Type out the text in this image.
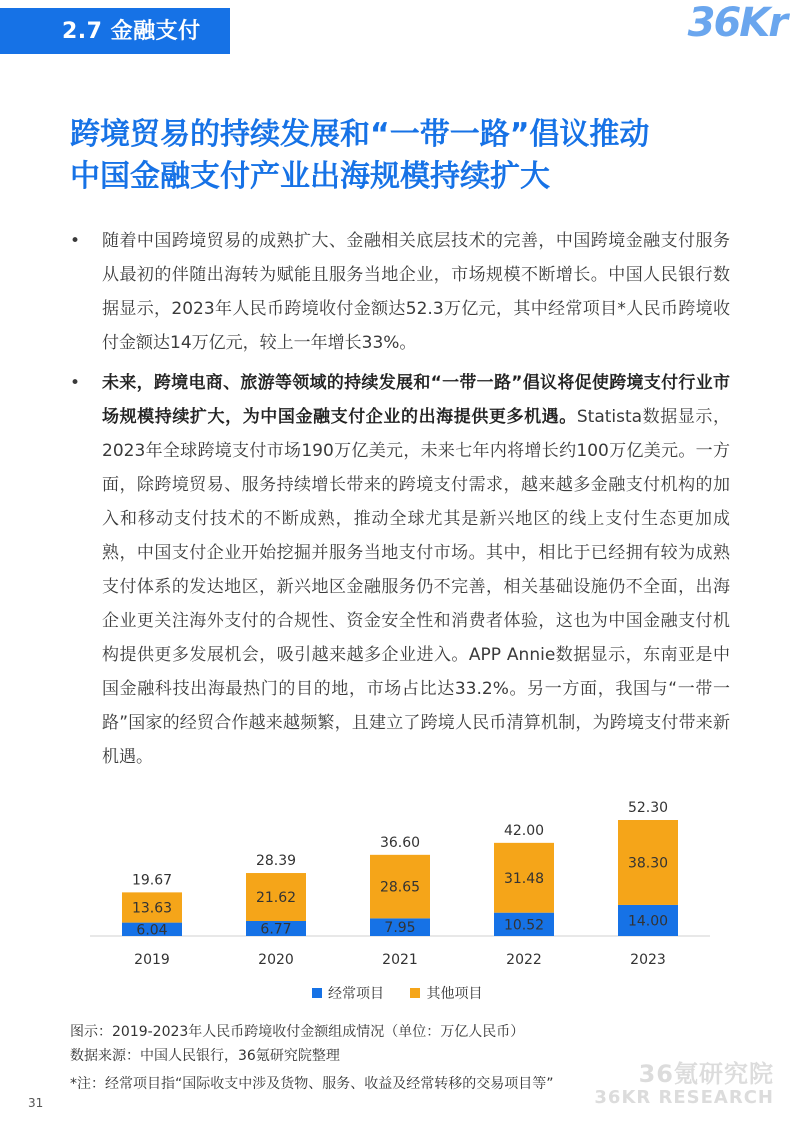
2.7 金融支付	36Kr
跨境贸易的持续发展和“一带一路”倡议推动
中国金融支付产业出海规模持续扩大
• 随着中国跨境贸易的成熟扩大、金融相关底层技术的完善，中国跨境金融支付服务从最初的伴随出海转为赋能且服务当地企业，市场规模不断增长。中国人民银行数据显示，2023年人民币跨境收付金额达52.3万亿元，其中经常项目*人民币跨境收付金额达14万亿元，较上一年增长33%。
• 未来，跨境电商、旅游等领域的持续发展和“一带一路”倡议将促使跨境支付行业市场规模持续扩大，为中国金融支付企业的出海提供更多机遇。Statista数据显示，2023年全球跨境支付市场190万亿美元，未来七年内将增长约100万亿美元。一方面，除跨境贸易、服务持续增长带来的跨境支付需求，越来越多金融支付机构的加入和移动支付技术的不断成熟，推动全球尤其是新兴地区的线上支付生态更加成熟，中国支付企业开始挖掘并服务当地支付市场。其中，相比于已经拥有较为成熟支付体系的发达地区，新兴地区金融服务仍不完善，相关基础设施仍不全面，出海企业更关注海外支付的合规性、资金安全性和消费者体验，这也为中国金融支付机构提供更多发展机会，吸引越来越多企业进入。APP Annie数据显示，东南亚是中国金融科技出海最热门的目的地，市场占比达33.2%。另一方面，我国与“一带一路”国家的经贸合作越来越频繁，且建立了跨境人民币清算机制，为跨境支付带来新机遇。
6.04
13.63
19.67
2019
6.77
21.62
28.39
2020
7.95
28.65
36.60
2021
10.52
31.48
42.00
2022
14.00
38.30
52.30
2023
经常项目
	其他项目
图示：2019-2023年人民币跨境收付金额组成情况（单位：万亿人民币）
数据来源：中国人民银行，36氪研究院整理
*注：经常项目指“国际收支中涉及货物、服务、收益及经常转移的交易项目等”	36氪研究院
36KR RESEARCH
31
